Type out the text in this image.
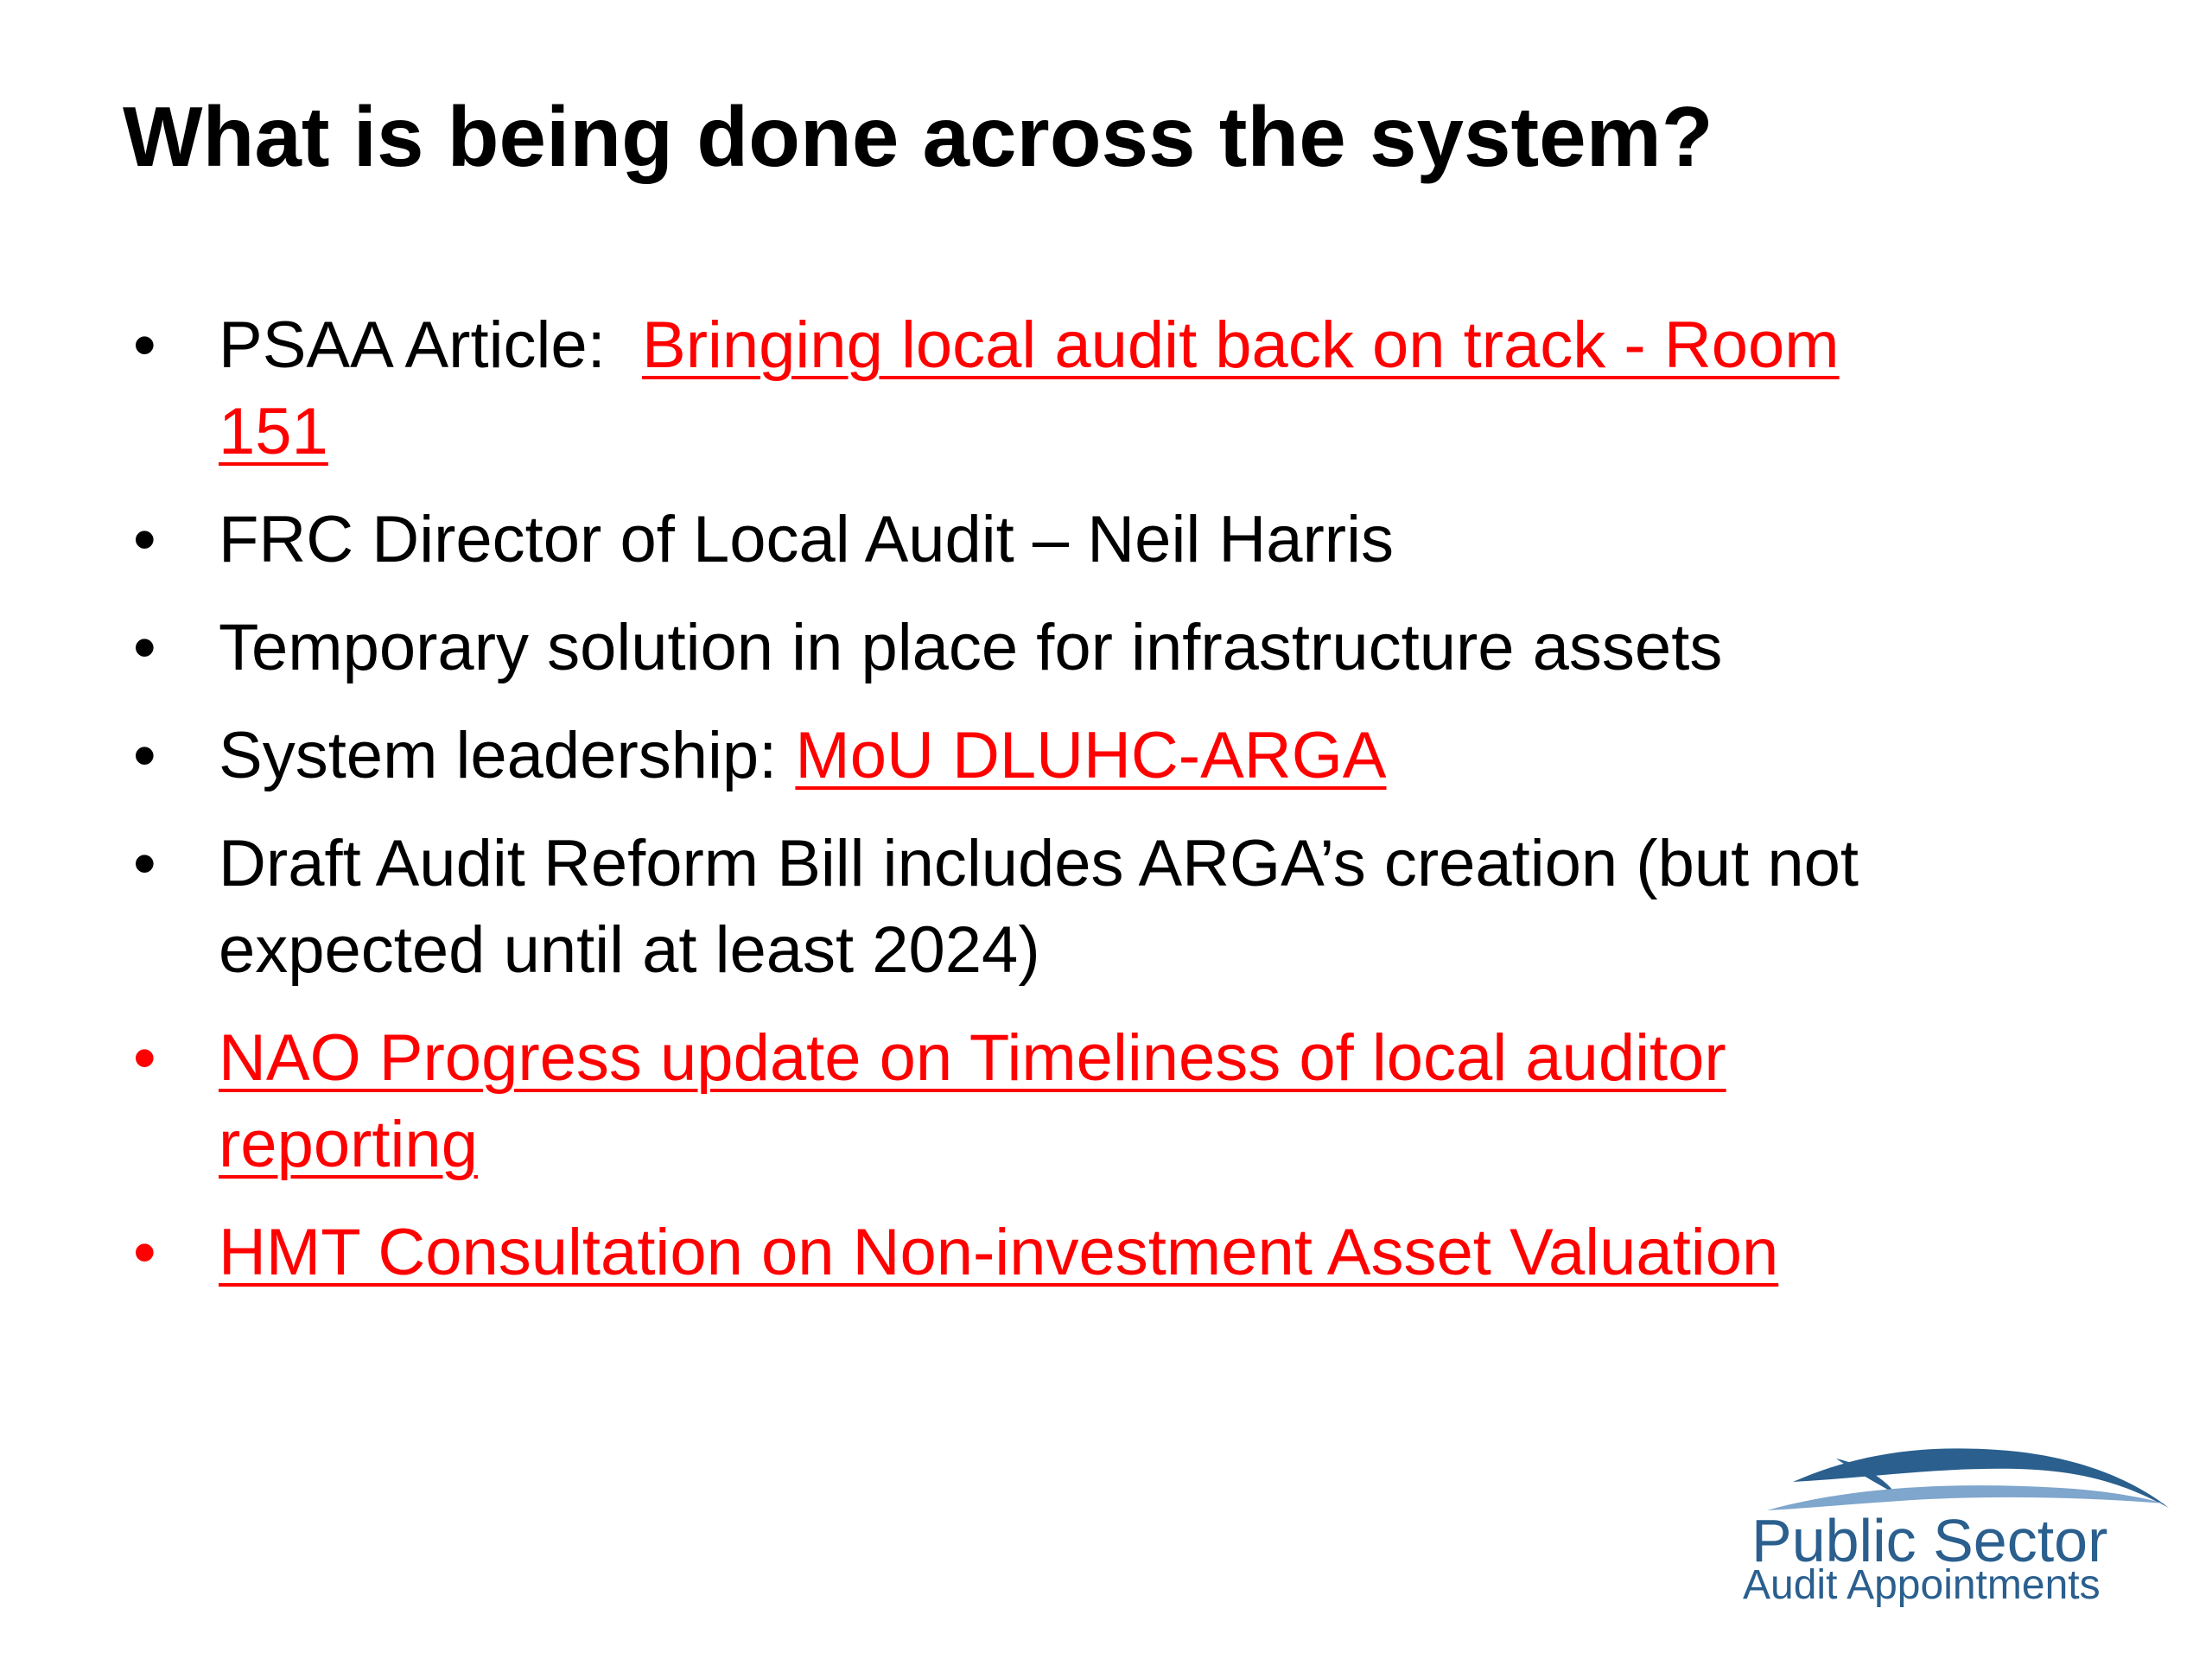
What is being done across the system?
• PSAA Article:  Bringing local audit back on track - Room
151
• FRC Director of Local Audit – Neil Harris
• Temporary solution in place for infrastructure assets
• System leadership: MoU DLUHC-ARGA
• Draft Audit Reform Bill includes ARGA’s creation (but not
expected until at least 2024)
• NAO Progress update on Timeliness of local auditor
reporting
• HMT Consultation on Non-investment Asset Valuation
Public Sector
Audit Appointments
